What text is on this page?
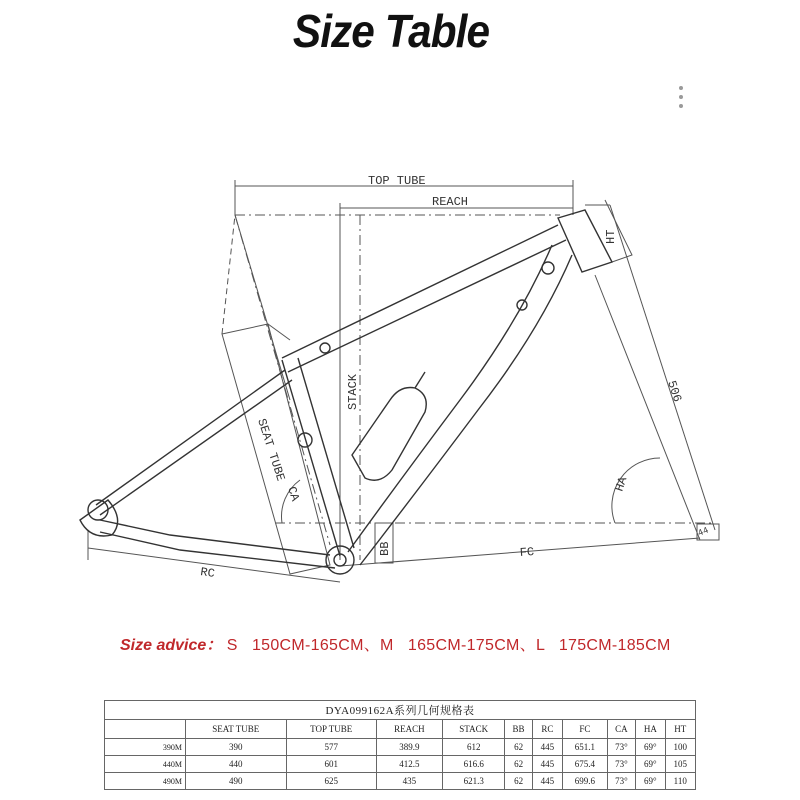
Size Table
TOP TUBE
REACH
HT
STACK
SEAT TUBE
CA
BB
RC
FC
HA
506
44
Size advice： S   150CM-165CM、M   165CM-175CM、L   175CM-185CM
DYA099162A系列几何规格表										
	SEAT TUBE	TOP TUBE	REACH	STACK	BB	RC	FC	CA	HA	HT
390M	390	577	389.9	612	62	445	651.1	73°	69°	100
440M	440	601	412.5	616.6	62	445	675.4	73°	69°	105
490M	490	625	435	621.3	62	445	699.6	73°	69°	110
